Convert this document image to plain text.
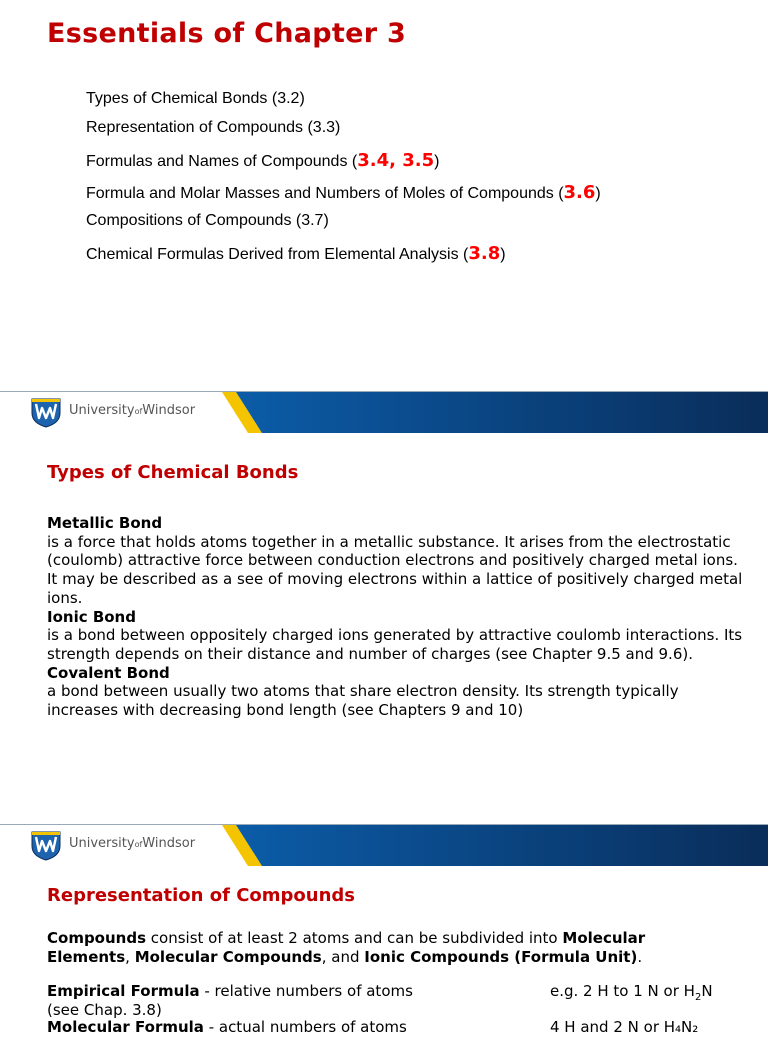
Essentials of Chapter 3
Types of Chemical Bonds (3.2)
Representation of Compounds (3.3)
Formulas and Names of Compounds (3.4, 3.5)
Formula and Molar Masses and Numbers of Moles of Compounds (3.6)
Compositions of Compounds (3.7)
Chemical Formulas Derived from Elemental Analysis (3.8)
UniversityofWindsor
Types of Chemical Bonds
Metallic Bond
is a force that holds atoms together in a metallic substance. It arises from the electrostatic (coulomb) attractive force between conduction electrons and positively charged metal ions. It may be described as a see of moving electrons within a lattice of positively charged metal ions.
Ionic Bond
is a bond between oppositely charged ions generated by attractive coulomb interactions. Its strength depends on their distance and number of charges (see Chapter 9.5 and 9.6).
Covalent Bond
a bond between usually two atoms that share electron density. Its strength typically increases with decreasing bond length (see Chapters 9 and 10)
UniversityofWindsor
Representation of Compounds
Compounds consist of at least 2 atoms and can be subdivided into Molecular Elements, Molecular Compounds, and Ionic Compounds (Formula Unit).
Empirical Formula - relative numbers of atoms	e.g. 2 H to 1 N or $H_2N$
(see Chap. 3.8)
Molecular Formula - actual numbers of atoms	4 H and 2 N or H₄N₂
